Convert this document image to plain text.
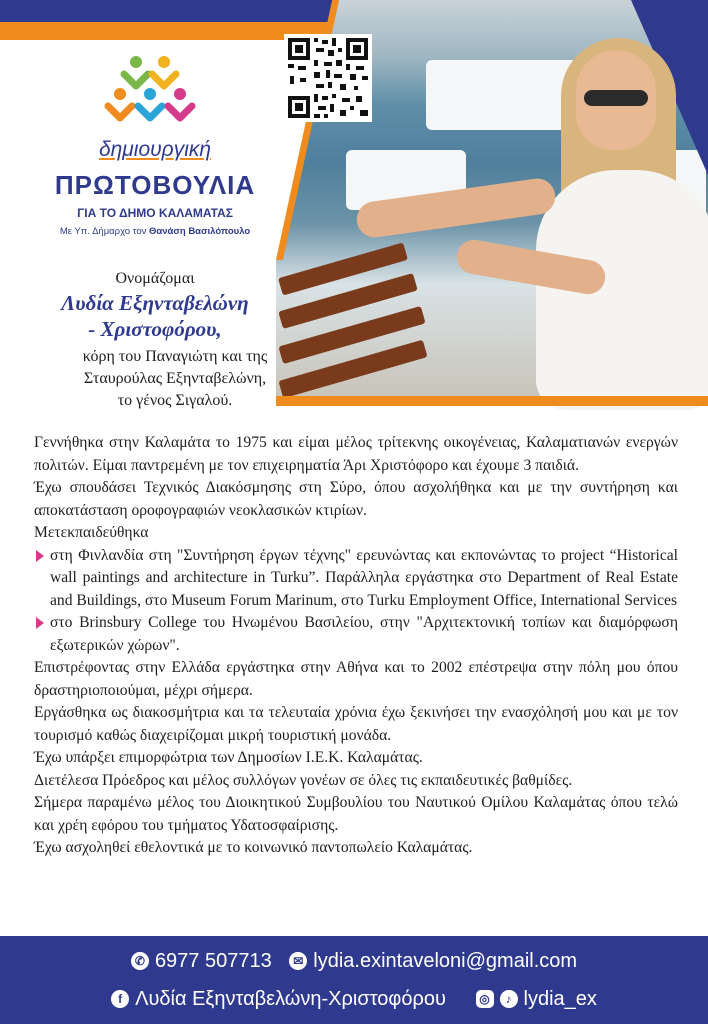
δημιουργική
ΠΡΩΤΟΒΟΥΛΙΑ
ΓΙΑ ΤΟ ΔΗΜΟ ΚΑΛΑΜΑΤΑΣ
Με Υπ. Δήμαρχο τον Θανάση Βασιλόπουλο
Ονομάζομαι
Λυδία Εξηνταβελώνη
- Χριστοφόρου,
κόρη του Παναγιώτη και της
Σταυρούλας Εξηνταβελώνη,
το γένος Σιγαλού.

Γεννήθηκα στην Καλαμάτα το 1975 και είμαι μέλος τρίτεκνης οικογένειας, Καλαματιανών ενεργών πολιτών. Είμαι παντρεμένη με τον επιχειρηματία Άρι Χριστόφορο και έχουμε 3 παιδιά.

Έχω σπουδάσει Τεχνικός Διακόσμησης στη Σύρο, όπου ασχολήθηκα και με την συντήρηση και αποκατάσταση οροφογραφιών νεοκλασικών κτιρίων.

Μετεκπαιδεύθηκα

στη Φινλανδία στη "Συντήρηση έργων τέχνης" ερευνώντας και εκπονώντας το project “Historical wall paintings and architecture in Turku”. Παράλληλα εργάστηκα στο Department of Real Estate and Buildings, στο Museum Forum Marinum, στο Turku Employment Office, International Services
στο Brinsbury College του Ηνωμένου Βασιλείου, στην "Αρχιτεκτονική τοπίων και διαμόρφωση εξωτερικών χώρων".

Επιστρέφοντας στην Ελλάδα εργάστηκα στην Αθήνα και το 2002 επέστρεψα στην πόλη μου όπου δραστηριοποιούμαι, μέχρι σήμερα.

Εργάσθηκα ως διακοσμήτρια και τα τελευταία χρόνια έχω ξεκινήσει την ενασχόλησή μου και με τον τουρισμό καθώς διαχειρίζομαι μικρή τουριστική μονάδα.

Έχω υπάρξει επιμορφώτρια των Δημοσίων Ι.Ε.Κ. Καλαμάτας.

Διετέλεσα Πρόεδρος και μέλος συλλόγων γονέων σε όλες τις εκπαιδευτικές βαθμίδες.

Σήμερα παραμένω μέλος του Διοικητικού Συμβουλίου του Ναυτικού Ομίλου Καλαμάτας όπου τελώ και χρέη εφόρου του τμήματος Υδατοσφαίρισης.

Έχω ασχοληθεί εθελοντικά με το κοινωνικό παντοπωλείο Καλαμάτας.

✆ 6977 507713
	✉ lydia.exintaveloni@gmail.com
f Λυδία Εξηνταβελώνη-Χριστοφόρου
	◎	♪ lydia_ex
